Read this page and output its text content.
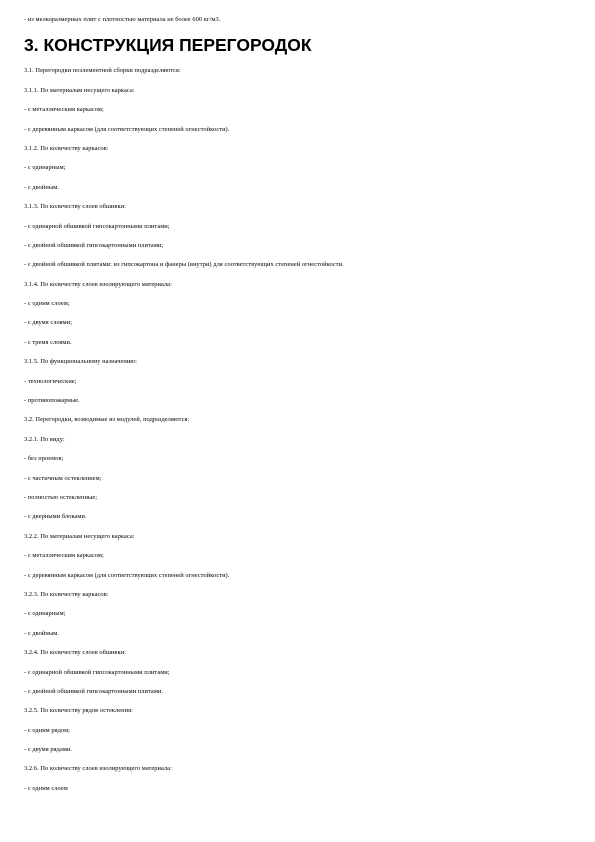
- из мелкоразмерных плит с плотностью материала не более 600 кг/м3.
3. КОНСТРУКЦИЯ ПЕРЕГОРОДОК
3.1. Перегородки поэлементной сборки подразделяются:
3.1.1. По материалам несущего каркаса:
- с металлическим каркасом;
- с деревянным каркасом (для соответствующих степеней огнестойкости).
3.1.2. По количеству каркасов:
- с одинарным;
- с двойным.
3.1.3. По количеству слоев обшивки:
- с одинарной обшивкой гипсокартонными плитами;
- с двойной обшивкой гипсокартонными плитами;
- с двойной обшивкой плитами: из гипсокартона и фанеры (внутри) для соответствующих степеней огнестойкости.
3.1.4. По количеству слоев изолирующего материала:
- с одним слоем;
- с двумя слоями;
- с тремя слоями.
3.1.5. По функциональному назначению:
- технологические;
- противопожарные.
3.2. Перегородки, возводимые из модулей, подразделяются:
3.2.1. По виду:
- без проемов;
- с частичным остеклением;
- полностью остекленные;
- с дверными блоками.
3.2.2. По материалам несущего каркаса:
- с металлическим каркасом;
- с деревянным каркасом (для соответствующих степеней огнестойкости).
3.2.3. По количеству каркасов:
- с одинарным;
- с двойным.
3.2.4. По количеству слоев обшивки:
- с одинарной обшивкой гипсокартонными плитами;
- с двойной обшивкой гипсокартонными плитами.
3.2.5. По количеству рядов остекления:
- с одним рядом;
- с двумя рядами.
3.2.6. По количеству слоев изолирующего материала:
- с одним слоем
